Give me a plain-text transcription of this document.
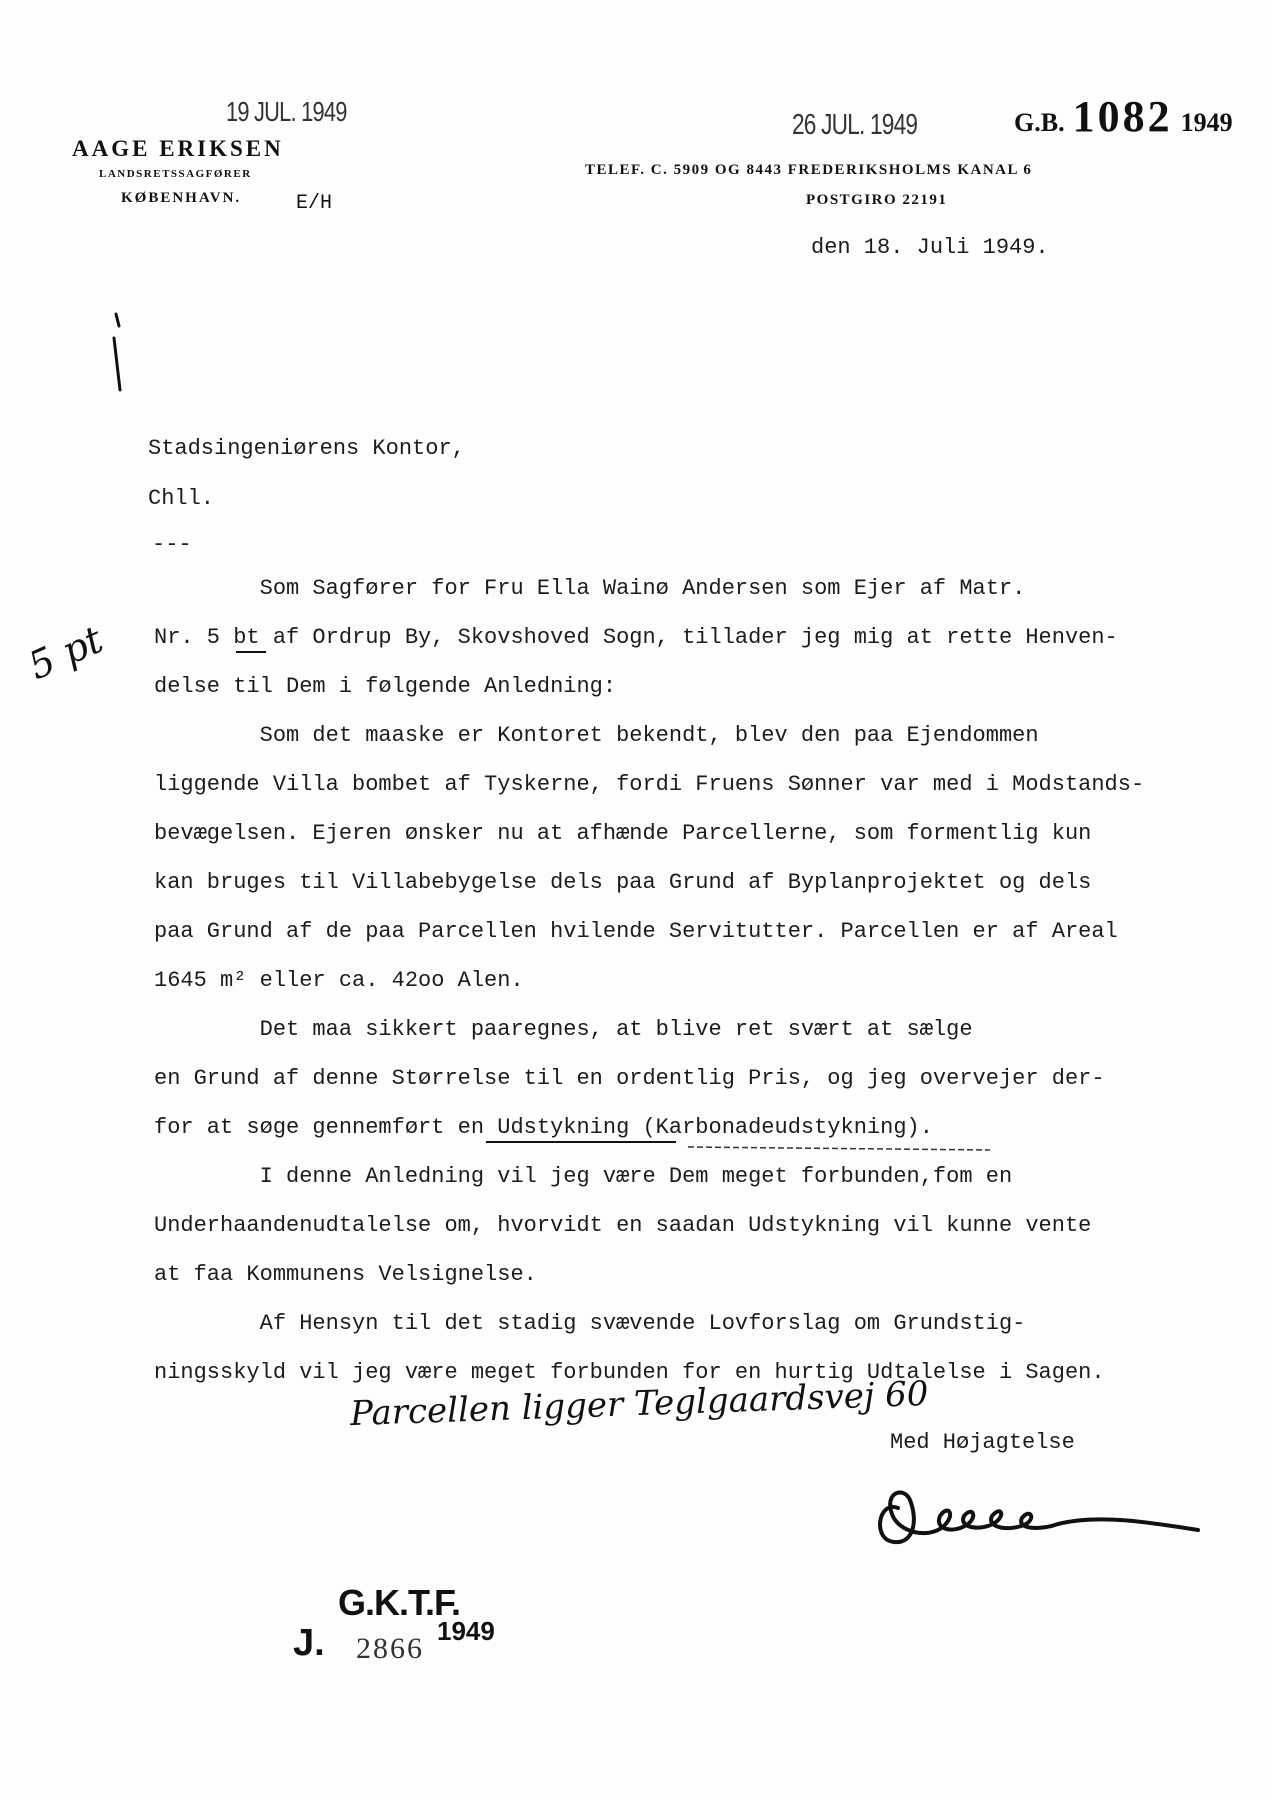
19 JUL. 1949	26 JUL. 1949	G.B. 1082 1949
AAGE ERIKSEN
LANDSRETSSAGFØRER
KØBENHAVN.	E/H
TELEF. C. 5909 OG 8443 FREDERIKSHOLMS KANAL 6
POSTGIRO 22191
den 18. Juli 1949.
Stadsingeniørens Kontor,
Chll.
---
5 pt
Som Sagfører for Fru Ella Wainø Andersen som Ejer af Matr.
Nr. 5 bt af Ordrup By, Skovshoved Sogn, tillader jeg mig at rette Henven-
delse til Dem i følgende Anledning:
Som det maaske er Kontoret bekendt, blev den paa Ejendommen
liggende Villa bombet af Tyskerne, fordi Fruens Sønner var med i Modstands-
bevægelsen. Ejeren ønsker nu at afhænde Parcellerne, som formentlig kun
kan bruges til Villabebygelse dels paa Grund af Byplanprojektet og dels
paa Grund af de paa Parcellen hvilende Servitutter. Parcellen er af Areal
1645 m² eller ca. 42oo Alen.
Det maa sikkert paaregnes, at blive ret svært at sælge
en Grund af denne Størrelse til en ordentlig Pris, og jeg overvejer der-
for at søge gennemført en Udstykning (Karbonadeudstykning).
I denne Anledning vil jeg være Dem meget forbunden,fom en
Underhaandenudtalelse om, hvorvidt en saadan Udstykning vil kunne vente
at faa Kommunens Velsignelse.
Af Hensyn til det stadig svævende Lovforslag om Grundstig-
ningsskyld vil jeg være meget forbunden for en hurtig Udtalelse i Sagen.
Parcellen ligger Teglgaardsvej 60
Med Højagtelse
G.K.T.F.
J. 2866
1949
